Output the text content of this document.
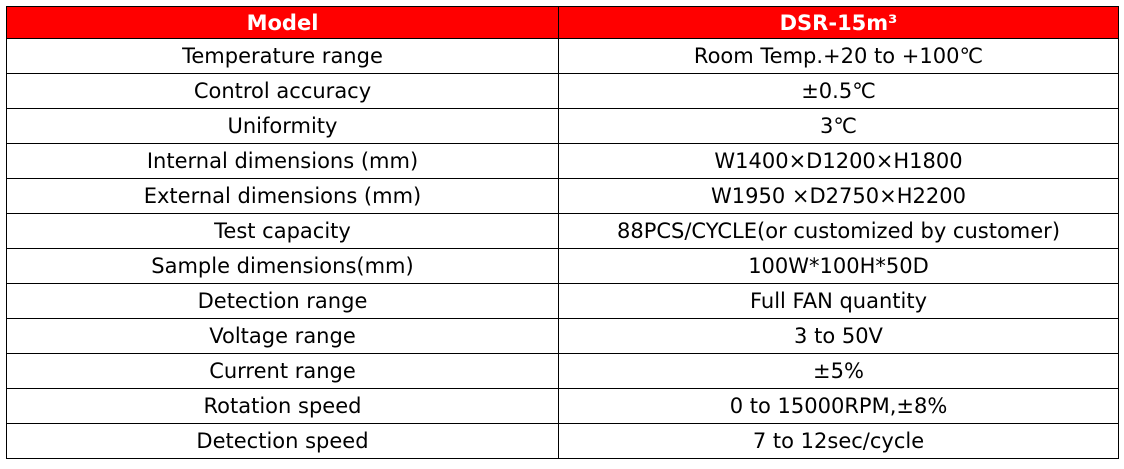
Model	DSR-15m³
Temperature range	Room Temp.+20 to +100℃
Control accuracy	±0.5℃
Uniformity	3℃
Internal dimensions (mm)	W1400×D1200×H1800
External dimensions (mm)	W1950 ×D2750×H2200
Test capacity	88PCS/CYCLE(or customized by customer)
Sample dimensions(mm)	100W*100H*50D
Detection range	Full FAN quantity
Voltage range	3 to 50V
Current range	±5%
Rotation speed	0 to 15000RPM,±8%
Detection speed	7 to 12sec/cycle
